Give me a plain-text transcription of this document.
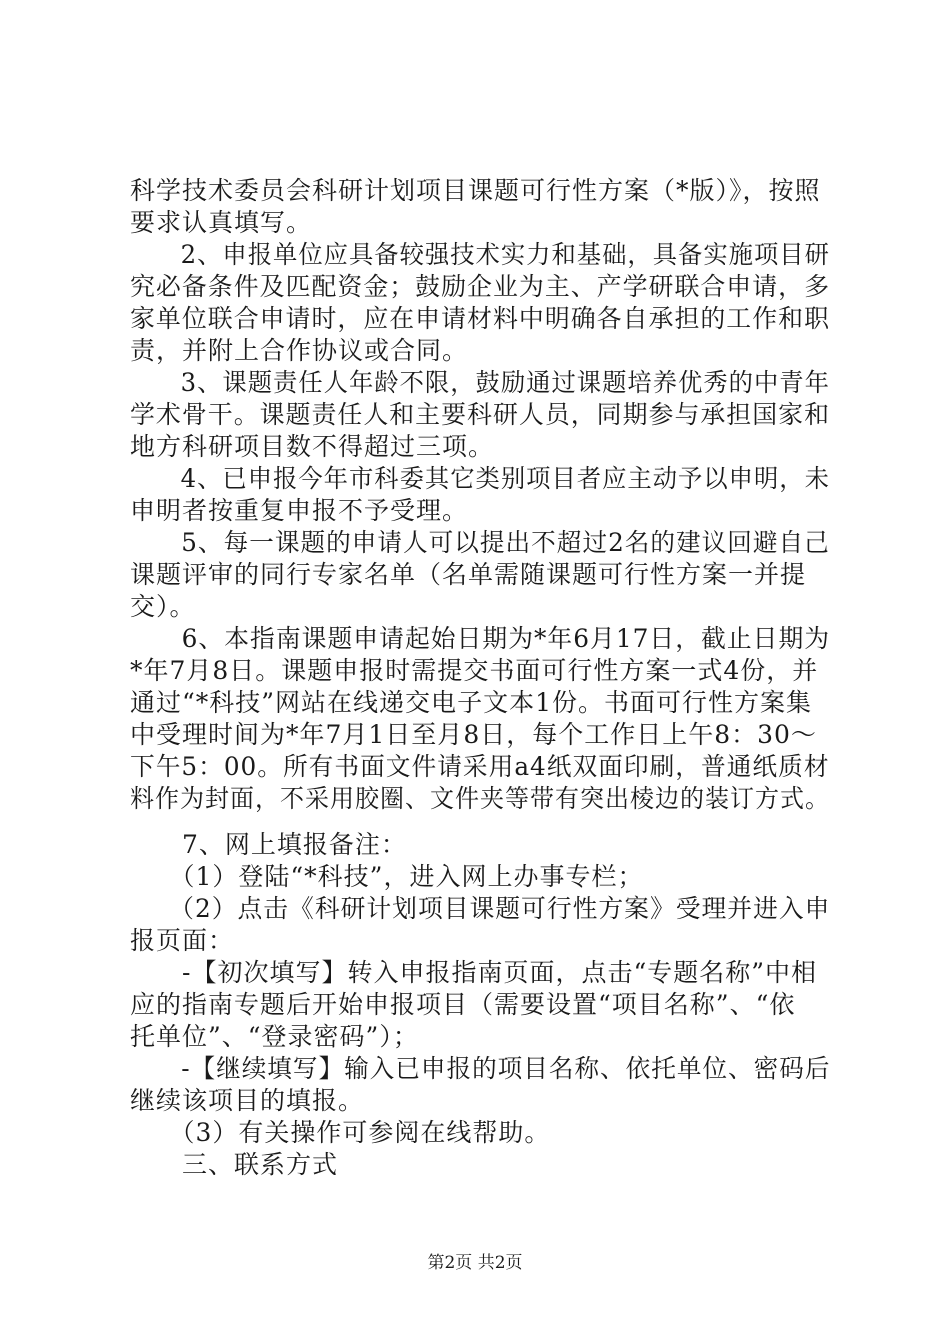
科学技术委员会科研计划项目课题可行性方案（*版）》，按照
要求认真填写。
　　2、申报单位应具备较强技术实力和基础，具备实施项目研
究必备条件及匹配资金；鼓励企业为主、产学研联合申请，多
家单位联合申请时，应在申请材料中明确各自承担的工作和职
责，并附上合作协议或合同。
　　3、课题责任人年龄不限，鼓励通过课题培养优秀的中青年
学术骨干。课题责任人和主要科研人员，同期参与承担国家和
地方科研项目数不得超过三项。
　　4、已申报今年市科委其它类别项目者应主动予以申明，未
申明者按重复申报不予受理。
　　5、每一课题的申请人可以提出不超过2名的建议回避自己
课题评审的同行专家名单（名单需随课题可行性方案一并提
交）。
　　6、本指南课题申请起始日期为*年6月17日，截止日期为
*年7月8日。课题申报时需提交书面可行性方案一式4份，并
通过“*科技”网站在线递交电子文本1份。书面可行性方案集
中受理时间为*年7月1日至月8日，每个工作日上午8：30～
下午5：00。所有书面文件请采用a4纸双面印刷，普通纸质材
料作为封面，不采用胶圈、文件夹等带有突出棱边的装订方式。
　　7、网上填报备注：
　　（1）登陆“*科技”，进入网上办事专栏；
　　（2）点击《科研计划项目课题可行性方案》受理并进入申
报页面：
　　-【初次填写】转入申报指南页面，点击“专题名称”中相
应的指南专题后开始申报项目（需要设置“项目名称”、“依
托单位”、“登录密码”）；
　　-【继续填写】输入已申报的项目名称、依托单位、密码后
继续该项目的填报。
　　（3）有关操作可参阅在线帮助。
　　三、联系方式
第2页 共2页
